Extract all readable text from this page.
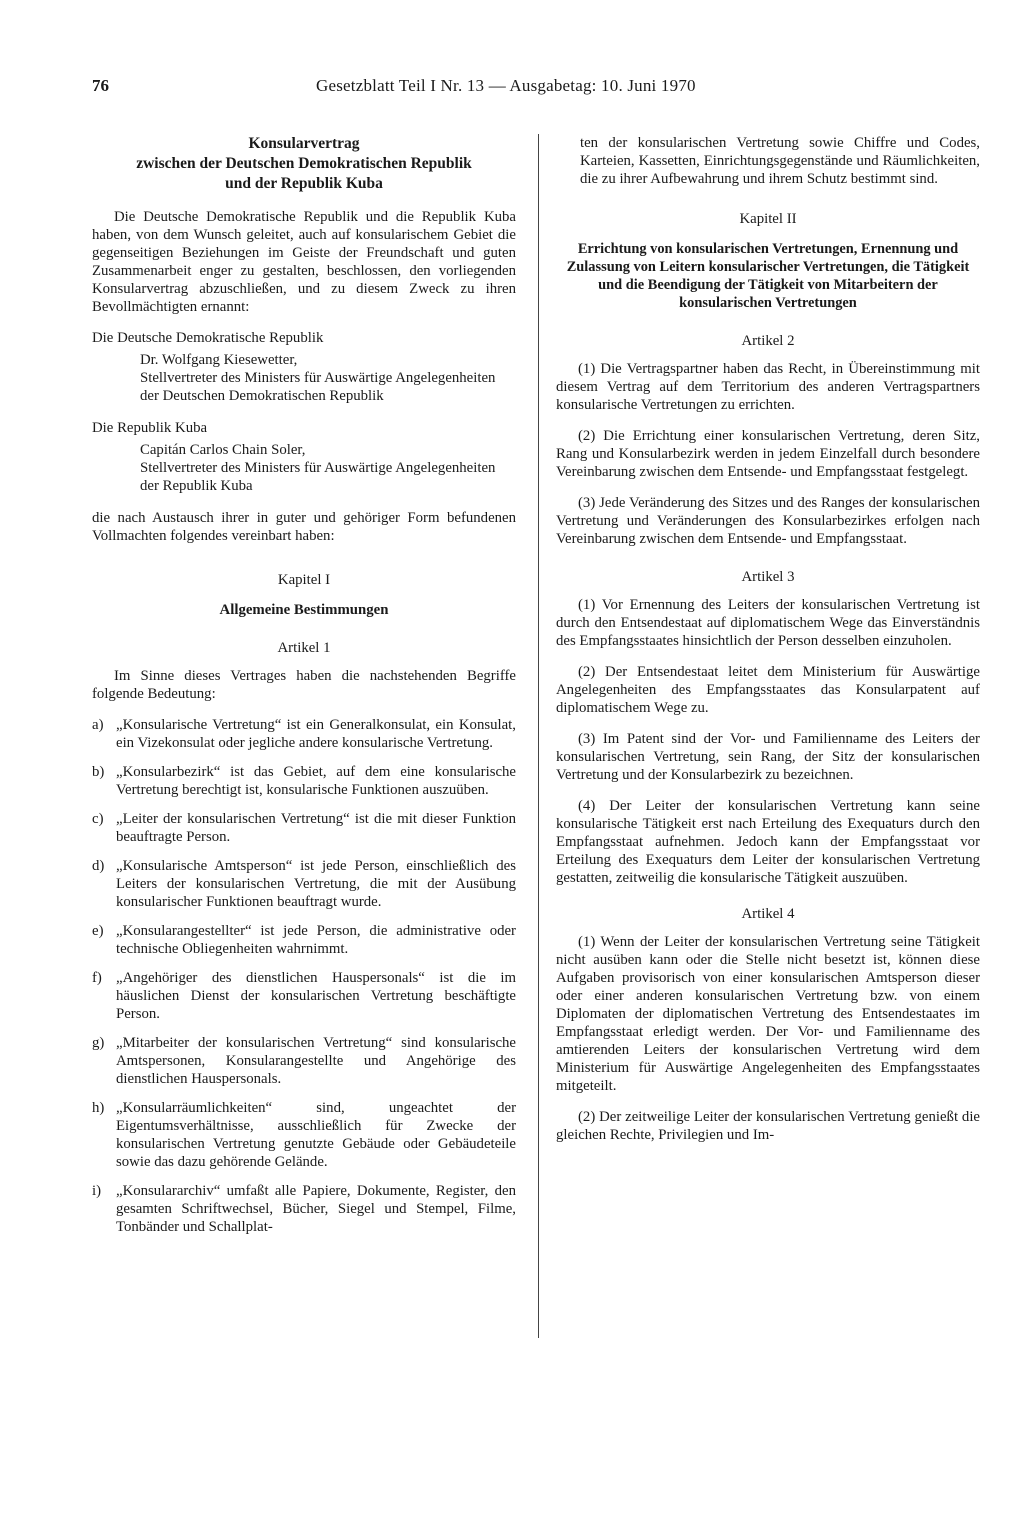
76	Gesetzblatt Teil I Nr. 13 — Ausgabetag: 10. Juni 1970
Konsularvertrag
zwischen der Deutschen Demokratischen Republik
und der Republik Kuba

Die Deutsche Demokratische Republik und die Republik Kuba haben, von dem Wunsch geleitet, auch auf konsularischem Gebiet die gegenseitigen Beziehungen im Geiste der Freundschaft und guten Zusammenarbeit enger zu gestalten, beschlossen, den vorliegenden Konsularvertrag abzuschließen, und zu diesem Zweck zu ihren Bevollmächtigten ernannt:

Die Deutsche Demokratische Republik
Dr. Wolfgang Kiesewetter,
Stellvertreter des Ministers für Auswärtige Angelegenheiten der Deutschen Demokratischen Republik
Die Republik Kuba
Capitán Carlos Chain Soler,
Stellvertreter des Ministers für Auswärtige Angelegenheiten der Republik Kuba

die nach Austausch ihrer in guter und gehöriger Form befundenen Vollmachten folgendes vereinbart haben:

Kapitel I
Allgemeine Bestimmungen
Artikel 1

Im Sinne dieses Vertrages haben die nachstehenden Begriffe folgende Bedeutung:

a) „Konsularische Vertretung“ ist ein Generalkonsulat, ein Konsulat, ein Vizekonsulat oder jegliche andere konsularische Vertretung.
b) „Konsularbezirk“ ist das Gebiet, auf dem eine konsularische Vertretung berechtigt ist, konsularische Funktionen auszuüben.
c) „Leiter der konsularischen Vertretung“ ist die mit dieser Funktion beauftragte Person.
d) „Konsularische Amtsperson“ ist jede Person, einschließlich des Leiters der konsularischen Vertretung, die mit der Ausübung konsularischer Funktionen beauftragt wurde.
e) „Konsularangestellter“ ist jede Person, die administrative oder technische Obliegenheiten wahrnimmt.
f) „Angehöriger des dienstlichen Hauspersonals“ ist die im häuslichen Dienst der konsularischen Vertretung beschäftigte Person.
g) „Mitarbeiter der konsularischen Vertretung“ sind konsularische Amtspersonen, Konsularangestellte und Angehörige des dienstlichen Hauspersonals.
h) „Konsularräumlichkeiten“ sind, ungeachtet der Eigentumsverhältnisse, ausschließlich für Zwecke der konsularischen Vertretung genutzte Gebäude oder Gebäudeteile sowie das dazu gehörende Gelände.
i)	„Konsulararchiv“ umfaßt alle Papiere, Dokumente, Register, den gesamten Schriftwechsel, Bücher, Siegel und Stempel, Filme, Tonbänder und Schallplat-

ten der konsularischen Vertretung sowie Chiffre und Codes, Karteien, Kassetten, Einrichtungsgegenstände und Räumlichkeiten, die zu ihrer Aufbewahrung und ihrem Schutz bestimmt sind.

Kapitel II
Errichtung von konsularischen Vertretungen, Ernennung und Zulassung von Leitern konsularischer Vertretungen, die Tätigkeit und die Beendigung der Tätigkeit von Mitarbeitern der konsularischen Vertretungen
Artikel 2

(1) Die Vertragspartner haben das Recht, in Übereinstimmung mit diesem Vertrag auf dem Territorium des anderen Vertragspartners konsularische Vertretungen zu errichten.

(2) Die Errichtung einer konsularischen Vertretung, deren Sitz, Rang und Konsularbezirk werden in jedem Einzelfall durch besondere Vereinbarung zwischen dem Entsende- und Empfangsstaat festgelegt.

(3) Jede Veränderung des Sitzes und des Ranges der konsularischen Vertretung und Veränderungen des Konsularbezirkes erfolgen nach Vereinbarung zwischen dem Entsende- und Empfangsstaat.

Artikel 3

(1) Vor Ernennung des Leiters der konsularischen Vertretung ist durch den Entsendestaat auf diplomatischem Wege das Einverständnis des Empfangsstaates hinsichtlich der Person desselben einzuholen.

(2) Der Entsendestaat leitet dem Ministerium für Auswärtige Angelegenheiten des Empfangsstaates das Konsularpatent auf diplomatischem Wege zu.

(3) Im Patent sind der Vor- und Familienname des Leiters der konsularischen Vertretung, sein Rang, der Sitz der konsularischen Vertretung und der Konsularbezirk zu bezeichnen.

(4) Der Leiter der konsularischen Vertretung kann seine konsularische Tätigkeit erst nach Erteilung des Exequaturs durch den Empfangsstaat aufnehmen. Jedoch kann der Empfangsstaat vor Erteilung des Exequaturs dem Leiter der konsularischen Vertretung gestatten, zeitweilig die konsularische Tätigkeit auszuüben.

Artikel 4

(1) Wenn der Leiter der konsularischen Vertretung seine Tätigkeit nicht ausüben kann oder die Stelle nicht besetzt ist, können diese Aufgaben provisorisch von einer konsularischen Amtsperson dieser oder einer anderen konsularischen Vertretung bzw. von einem Diplomaten der diplomatischen Vertretung des Entsendestaates im Empfangsstaat erledigt werden. Der Vor- und Familienname des amtierenden Leiters der konsularischen Vertretung wird dem Ministerium für Auswärtige Angelegenheiten des Empfangsstaates mitgeteilt.

(2) Der zeitweilige Leiter der konsularischen Vertretung genießt die gleichen Rechte, Privilegien und Im-
